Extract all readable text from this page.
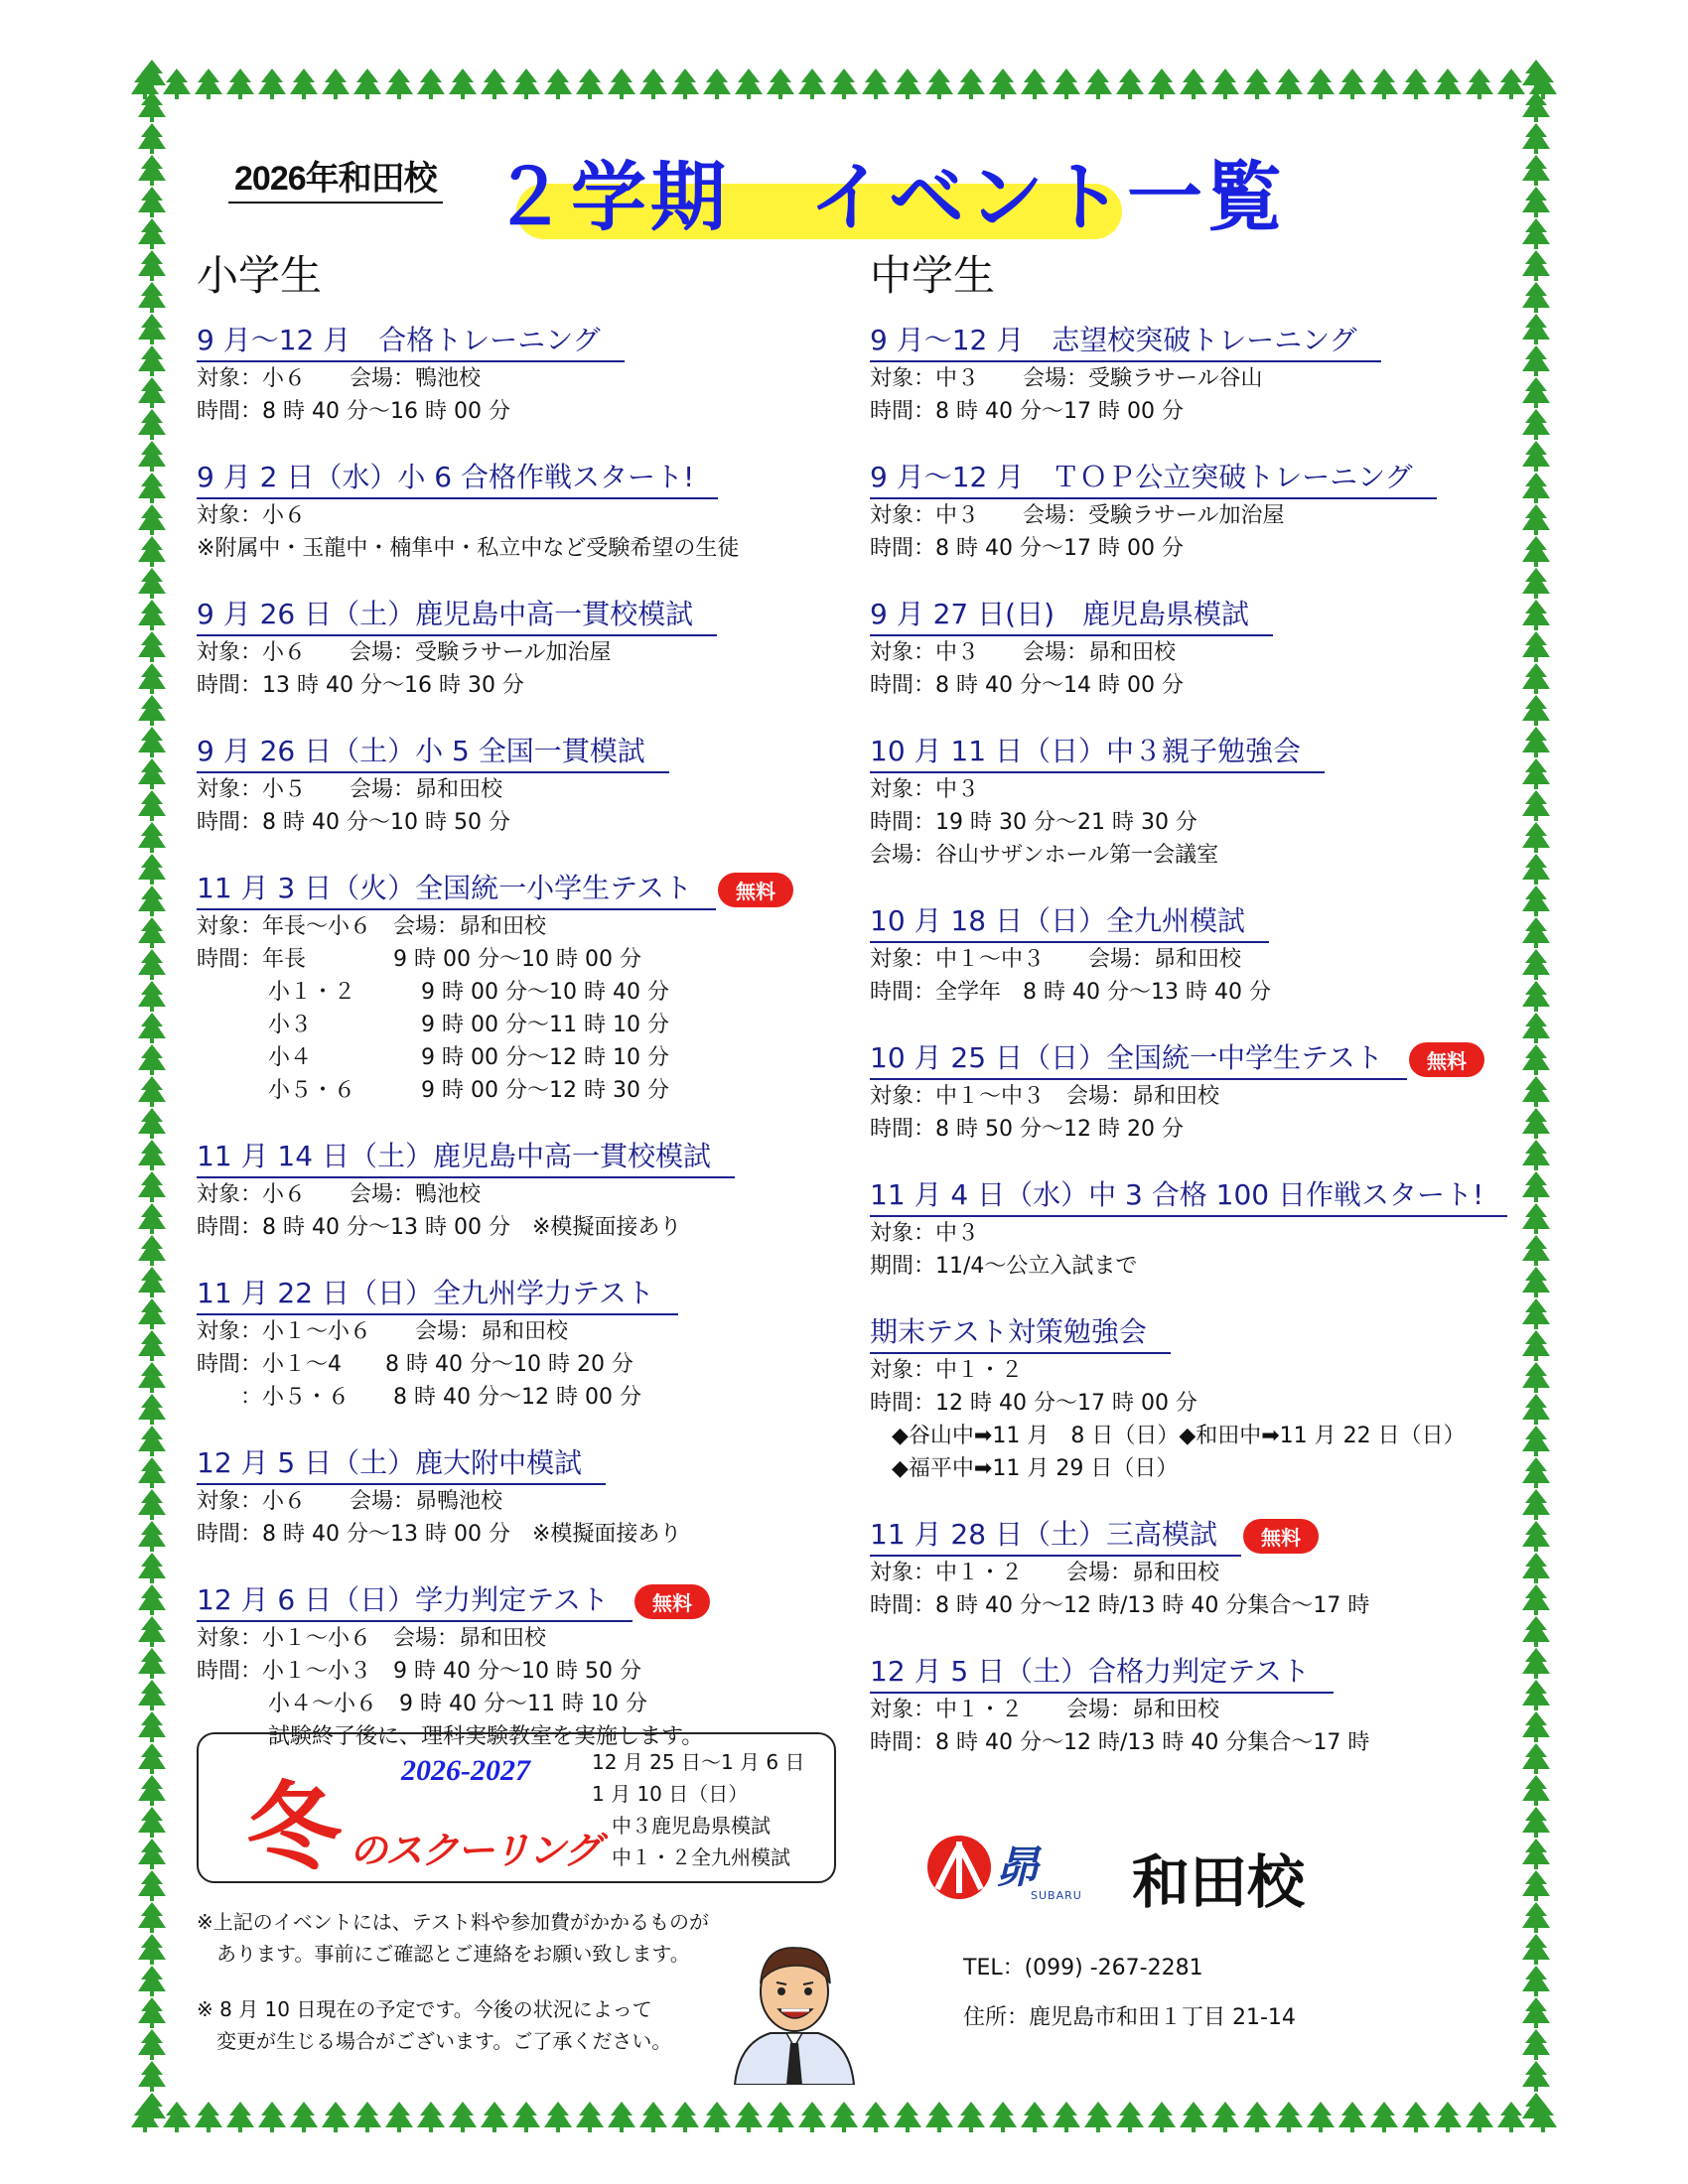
2026年和田校 ２学期　イベント一覧
小学生
9 月～12 月　合格トレーニング
対象：小６　　会場：鴨池校
時間：8 時 40 分～16 時 00 分
9 月 2 日（水）小 6 合格作戦スタート!
対象：小６
※附属中・玉龍中・楠隼中・私立中など受験希望の生徒
9 月 26 日（土）鹿児島中高一貫校模試
対象：小６　　会場：受験ラサール加治屋
時間：13 時 40 分～16 時 30 分
9 月 26 日（土）小 5 全国一貫模試
対象：小５　　会場：昴和田校
時間：8 時 40 分～10 時 50 分
11 月 3 日（火）全国統一小学生テスト	無料
対象：年長～小６　会場：昴和田校
時間：年長　　　　9 時 00 分～10 時 00 分
小１・２　　　9 時 00 分～10 時 40 分
小３　　　　　9 時 00 分～11 時 10 分
小４　　　　　9 時 00 分～12 時 10 分
小５・６　　　9 時 00 分～12 時 30 分
11 月 14 日（土）鹿児島中高一貫校模試
対象：小６　　会場：鴨池校
時間：8 時 40 分～13 時 00 分　※模擬面接あり
11 月 22 日（日）全九州学力テスト
対象：小１～小６　　会場：昴和田校
時間：小１～4　　8 時 40 分～10 時 20 分
　　：小５・６　　8 時 40 分～12 時 00 分
12 月 5 日（土）鹿大附中模試
対象：小６　　会場：昴鴨池校
時間：8 時 40 分～13 時 00 分　※模擬面接あり
12 月 6 日（日）学力判定テスト	無料
対象：小１～小６　会場：昴和田校
時間：小１～小３　9 時 40 分～10 時 50 分
小４～小６　9 時 40 分～11 時 10 分
試験終了後に、理科実験教室を実施します。
中学生
9 月～12 月　志望校突破トレーニング
対象：中３　　会場：受験ラサール谷山
時間：8 時 40 分～17 時 00 分
9 月～12 月　ＴＯＰ公立突破トレーニング
対象：中３　　会場：受験ラサール加治屋
時間：8 時 40 分～17 時 00 分
9 月 27 日(日)　鹿児島県模試
対象：中３　　会場：昴和田校
時間：8 時 40 分～14 時 00 分
10 月 11 日（日）中３親子勉強会
対象：中３
時間：19 時 30 分～21 時 30 分
会場：谷山サザンホール第一会議室
10 月 18 日（日）全九州模試
対象：中１～中３　　会場：昴和田校
時間：全学年　8 時 40 分～13 時 40 分
10 月 25 日（日）全国統一中学生テスト	無料
対象：中１～中３　会場：昴和田校
時間：8 時 50 分～12 時 20 分
11 月 4 日（水）中 3 合格 100 日作戦スタート!
対象：中３
期間：11/4～公立入試まで
期末テスト対策勉強会
対象：中１・２
時間：12 時 40 分～17 時 00 分
　◆谷山中➡11 月　8 日（日）◆和田中➡11 月 22 日（日）
　◆福平中➡11 月 29 日（日）
11 月 28 日（土）三高模試	無料
対象：中１・２　　会場：昴和田校
時間：8 時 40 分～12 時/13 時 40 分集合～17 時
12 月 5 日（土）合格力判定テスト
対象：中１・２　　会場：昴和田校
時間：8 時 40 分～12 時/13 時 40 分集合～17 時
冬
2026-2027
のスクーリング
12 月 25 日～1 月 6 日
1 月 10 日（日）
　中３鹿児島県模試
　中１・２全九州模試
※上記のイベントには、テスト料や参加費がかかるものが
　あります。事前にご確認とご連絡をお願い致します。
※ 8 月 10 日現在の予定です。今後の状況によって
　変更が生じる場合がございます。ご了承ください。
昴
SUBARU 和田校
TEL：(099) -267-2281
住所：鹿児島市和田１丁目 21-14
